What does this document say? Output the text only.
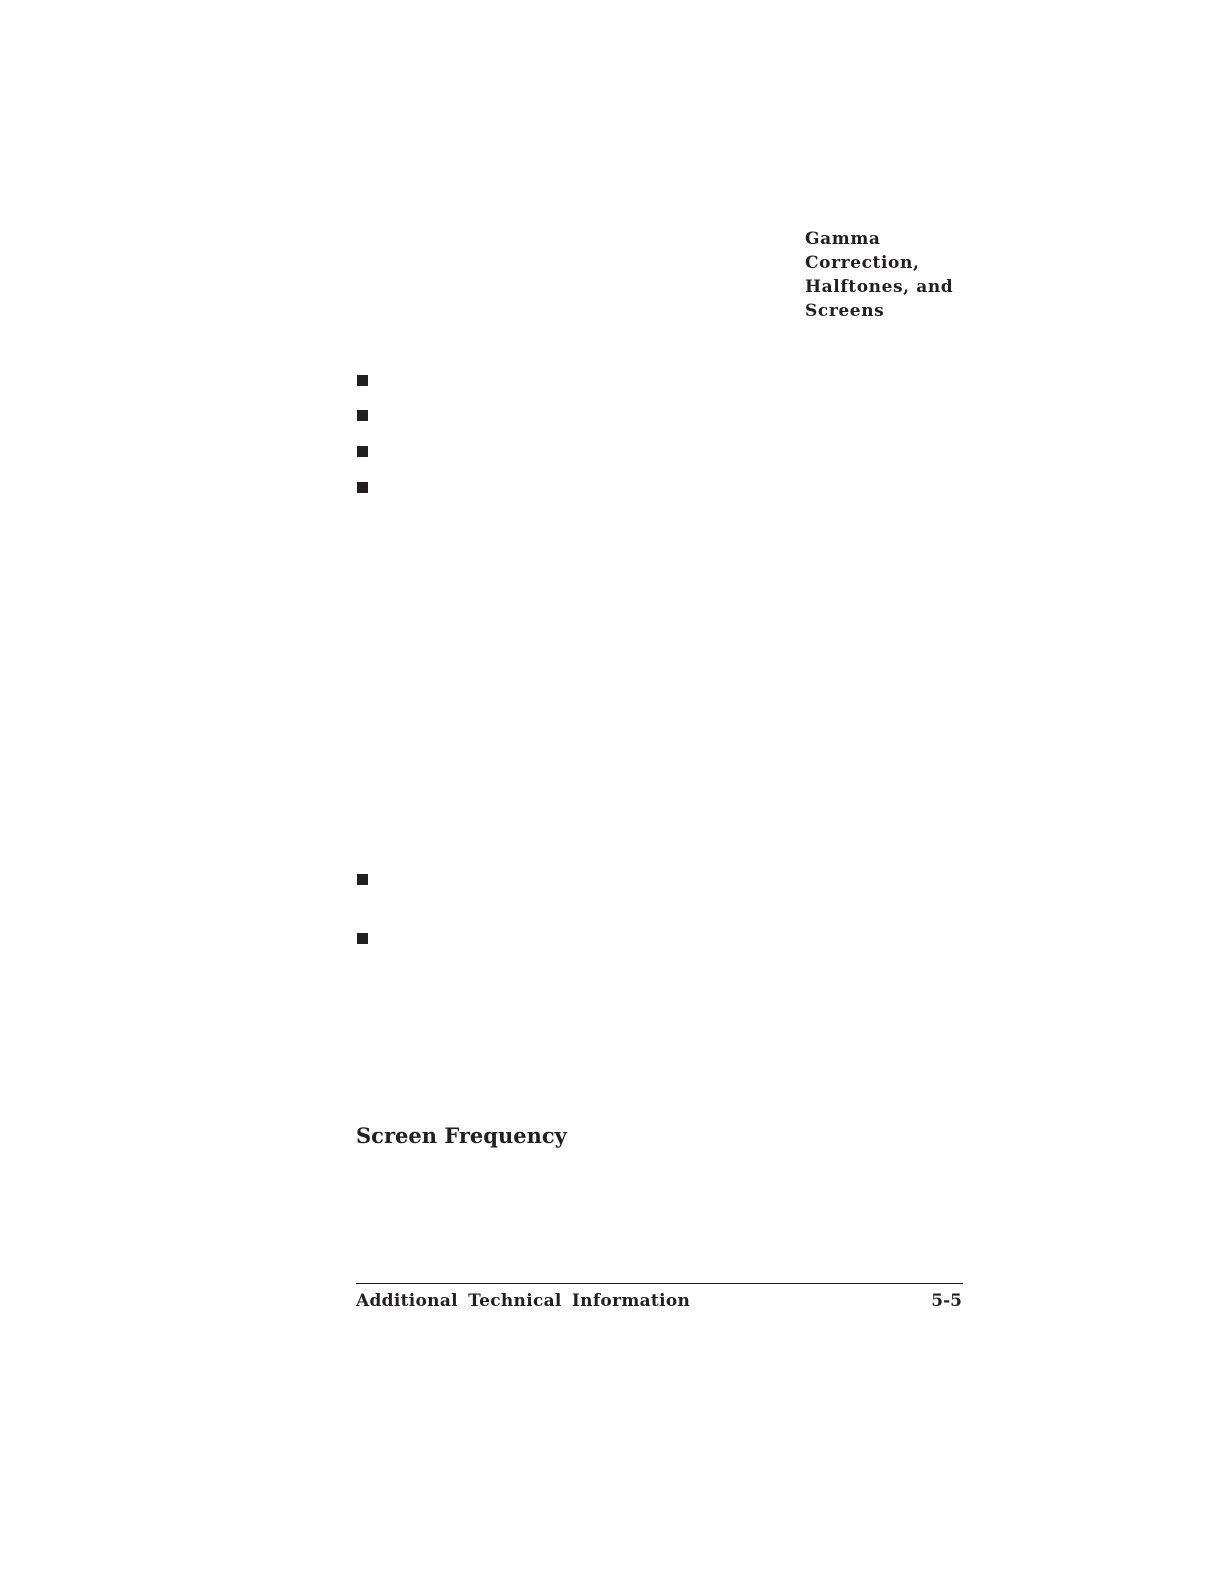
Gamma
Correction,
Halftones, and
Screens
Screen Frequency
Additional Technical Information	5-5
